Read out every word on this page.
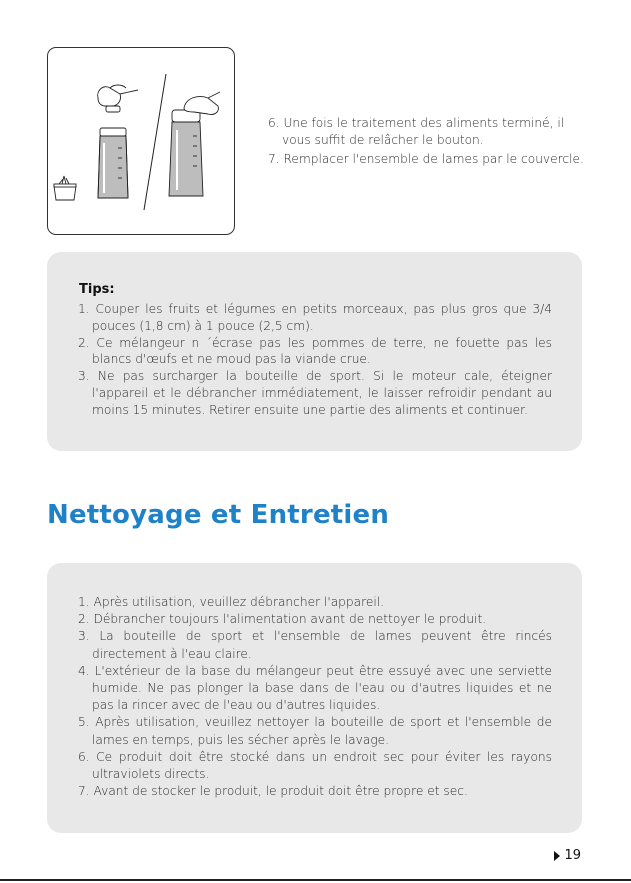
6. Une fois le traitement des aliments terminé, il vous suffit de relâcher le bouton.
7. Remplacer l'ensemble de lames par le couvercle.
Tips:
1. Couper les fruits et légumes en petits morceaux, pas plus gros que 3/4 pouces (1,8 cm) à 1 pouce (2,5 cm).
2. Ce mélangeur n ´écrase pas les pommes de terre, ne fouette pas les blancs d'œufs et ne moud pas la viande crue.
3. Ne pas surcharger la bouteille de sport. Si le moteur cale, éteigner l'appareil et le débrancher immédiatement, le laisser refroidir pendant au moins 15 minutes. Retirer ensuite une partie des aliments et continuer.
Nettoyage et Entretien
1. Après utilisation, veuillez débrancher l'appareil.
2. Débrancher toujours l'alimentation avant de nettoyer le produit.
3. La bouteille de sport et l'ensemble de lames peuvent être rincés directement à l'eau claire.
4. L'extérieur de la base du mélangeur peut être essuyé avec une serviette humide. Ne pas plonger la base dans de l'eau ou d'autres liquides et ne pas la rincer avec de l'eau ou d'autres liquides.
5. Après utilisation, veuillez nettoyer la bouteille de sport et l'ensemble de lames en temps, puis les sécher après le lavage.
6. Ce produit doit être stocké dans un endroit sec pour éviter les rayons ultraviolets directs.
7. Avant de stocker le produit, le produit doit être propre et sec.
19
